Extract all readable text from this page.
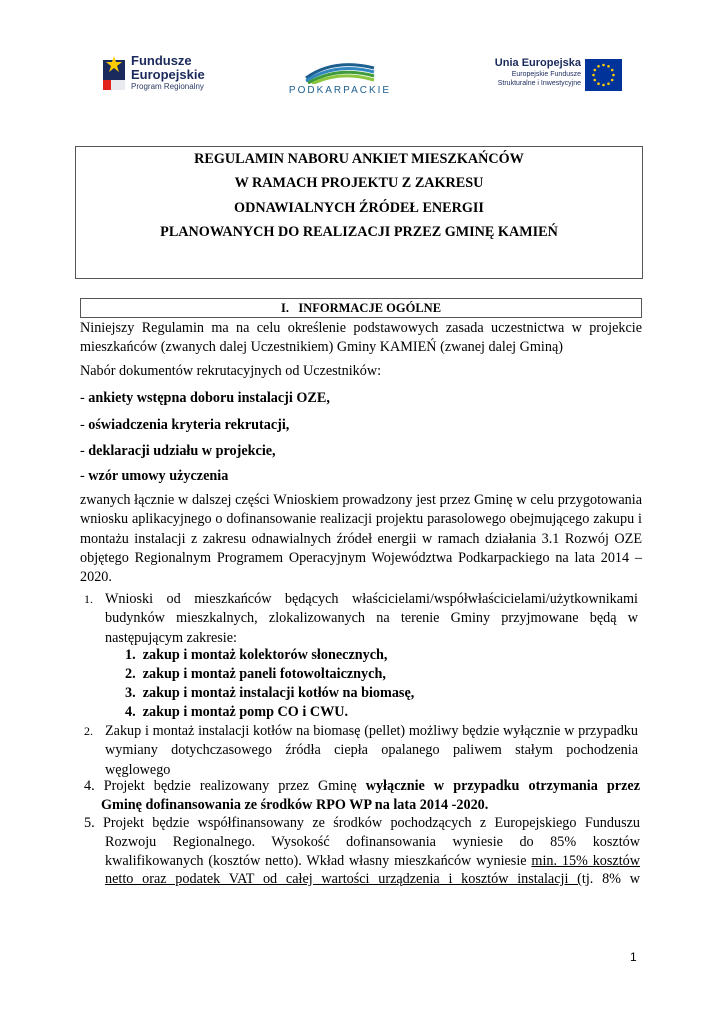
Fundusze
Europejskie
Program Regionalny	PODKARPACKIE
Unia Europejska
Europejskie Fundusze
Strukturalne i Inwestycyjne
REGULAMIN NABORU ANKIET MIESZKAŃCÓW
W RAMACH PROJEKTU Z ZAKRESU
ODNAWIALNYCH ŹRÓDEŁ ENERGII
PLANOWANYCH DO REALIZACJI PRZEZ GMINĘ KAMIEŃ
I. INFORMACJE OGÓLNE
Niniejszy Regulamin ma na celu określenie podstawowych zasada uczestnictwa w projekcie mieszkańców (zwanych dalej Uczestnikiem) Gminy KAMIEŃ (zwanej dalej Gminą)
Nabór dokumentów rekrutacyjnych od Uczestników:
- ankiety wstępna doboru instalacji OZE,
- oświadczenia kryteria rekrutacji,
- deklaracji udziału w projekcie,
- wzór umowy użyczenia
zwanych łącznie w dalszej części Wnioskiem prowadzony jest przez Gminę w celu przygotowania wniosku aplikacyjnego o dofinansowanie realizacji projektu parasolowego obejmującego zakupu i montażu instalacji z zakresu odnawialnych źródeł energii w ramach działania 3.1 Rozwój OZE objętego Regionalnym Programem Operacyjnym Województwa Podkarpackiego na lata 2014 – 2020.
1. Wnioski od mieszkańców będących właścicielami/współwłaścicielami/użytkownikami budynków mieszkalnych, zlokalizowanych na terenie Gminy przyjmowane będą w następującym zakresie:
1. zakup i montaż kolektorów słonecznych,
2. zakup i montaż paneli fotowoltaicznych,
3. zakup i montaż instalacji kotłów na biomasę,
4. zakup i montaż pomp CO i CWU.
2. Zakup i montaż instalacji kotłów na biomasę (pellet) możliwy będzie wyłącznie w przypadku wymiany dotychczasowego źródła ciepła opalanego paliwem stałym pochodzenia węglowego
4. Projekt będzie realizowany przez Gminę wyłącznie w przypadku otrzymania przez
Gminę dofinansowania ze środków RPO WP na lata 2014 -2020.
5. Projekt będzie współfinansowany ze środków pochodzących z Europejskiego Funduszu
Rozwoju Regionalnego. Wysokość dofinansowania wyniesie do 85% kosztów
kwalifikowanych (kosztów netto). Wkład własny mieszkańców wyniesie min. 15% kosztów
netto oraz podatek VAT od całej wartości urządzenia i kosztów instalacji (tj. 8% w
1
